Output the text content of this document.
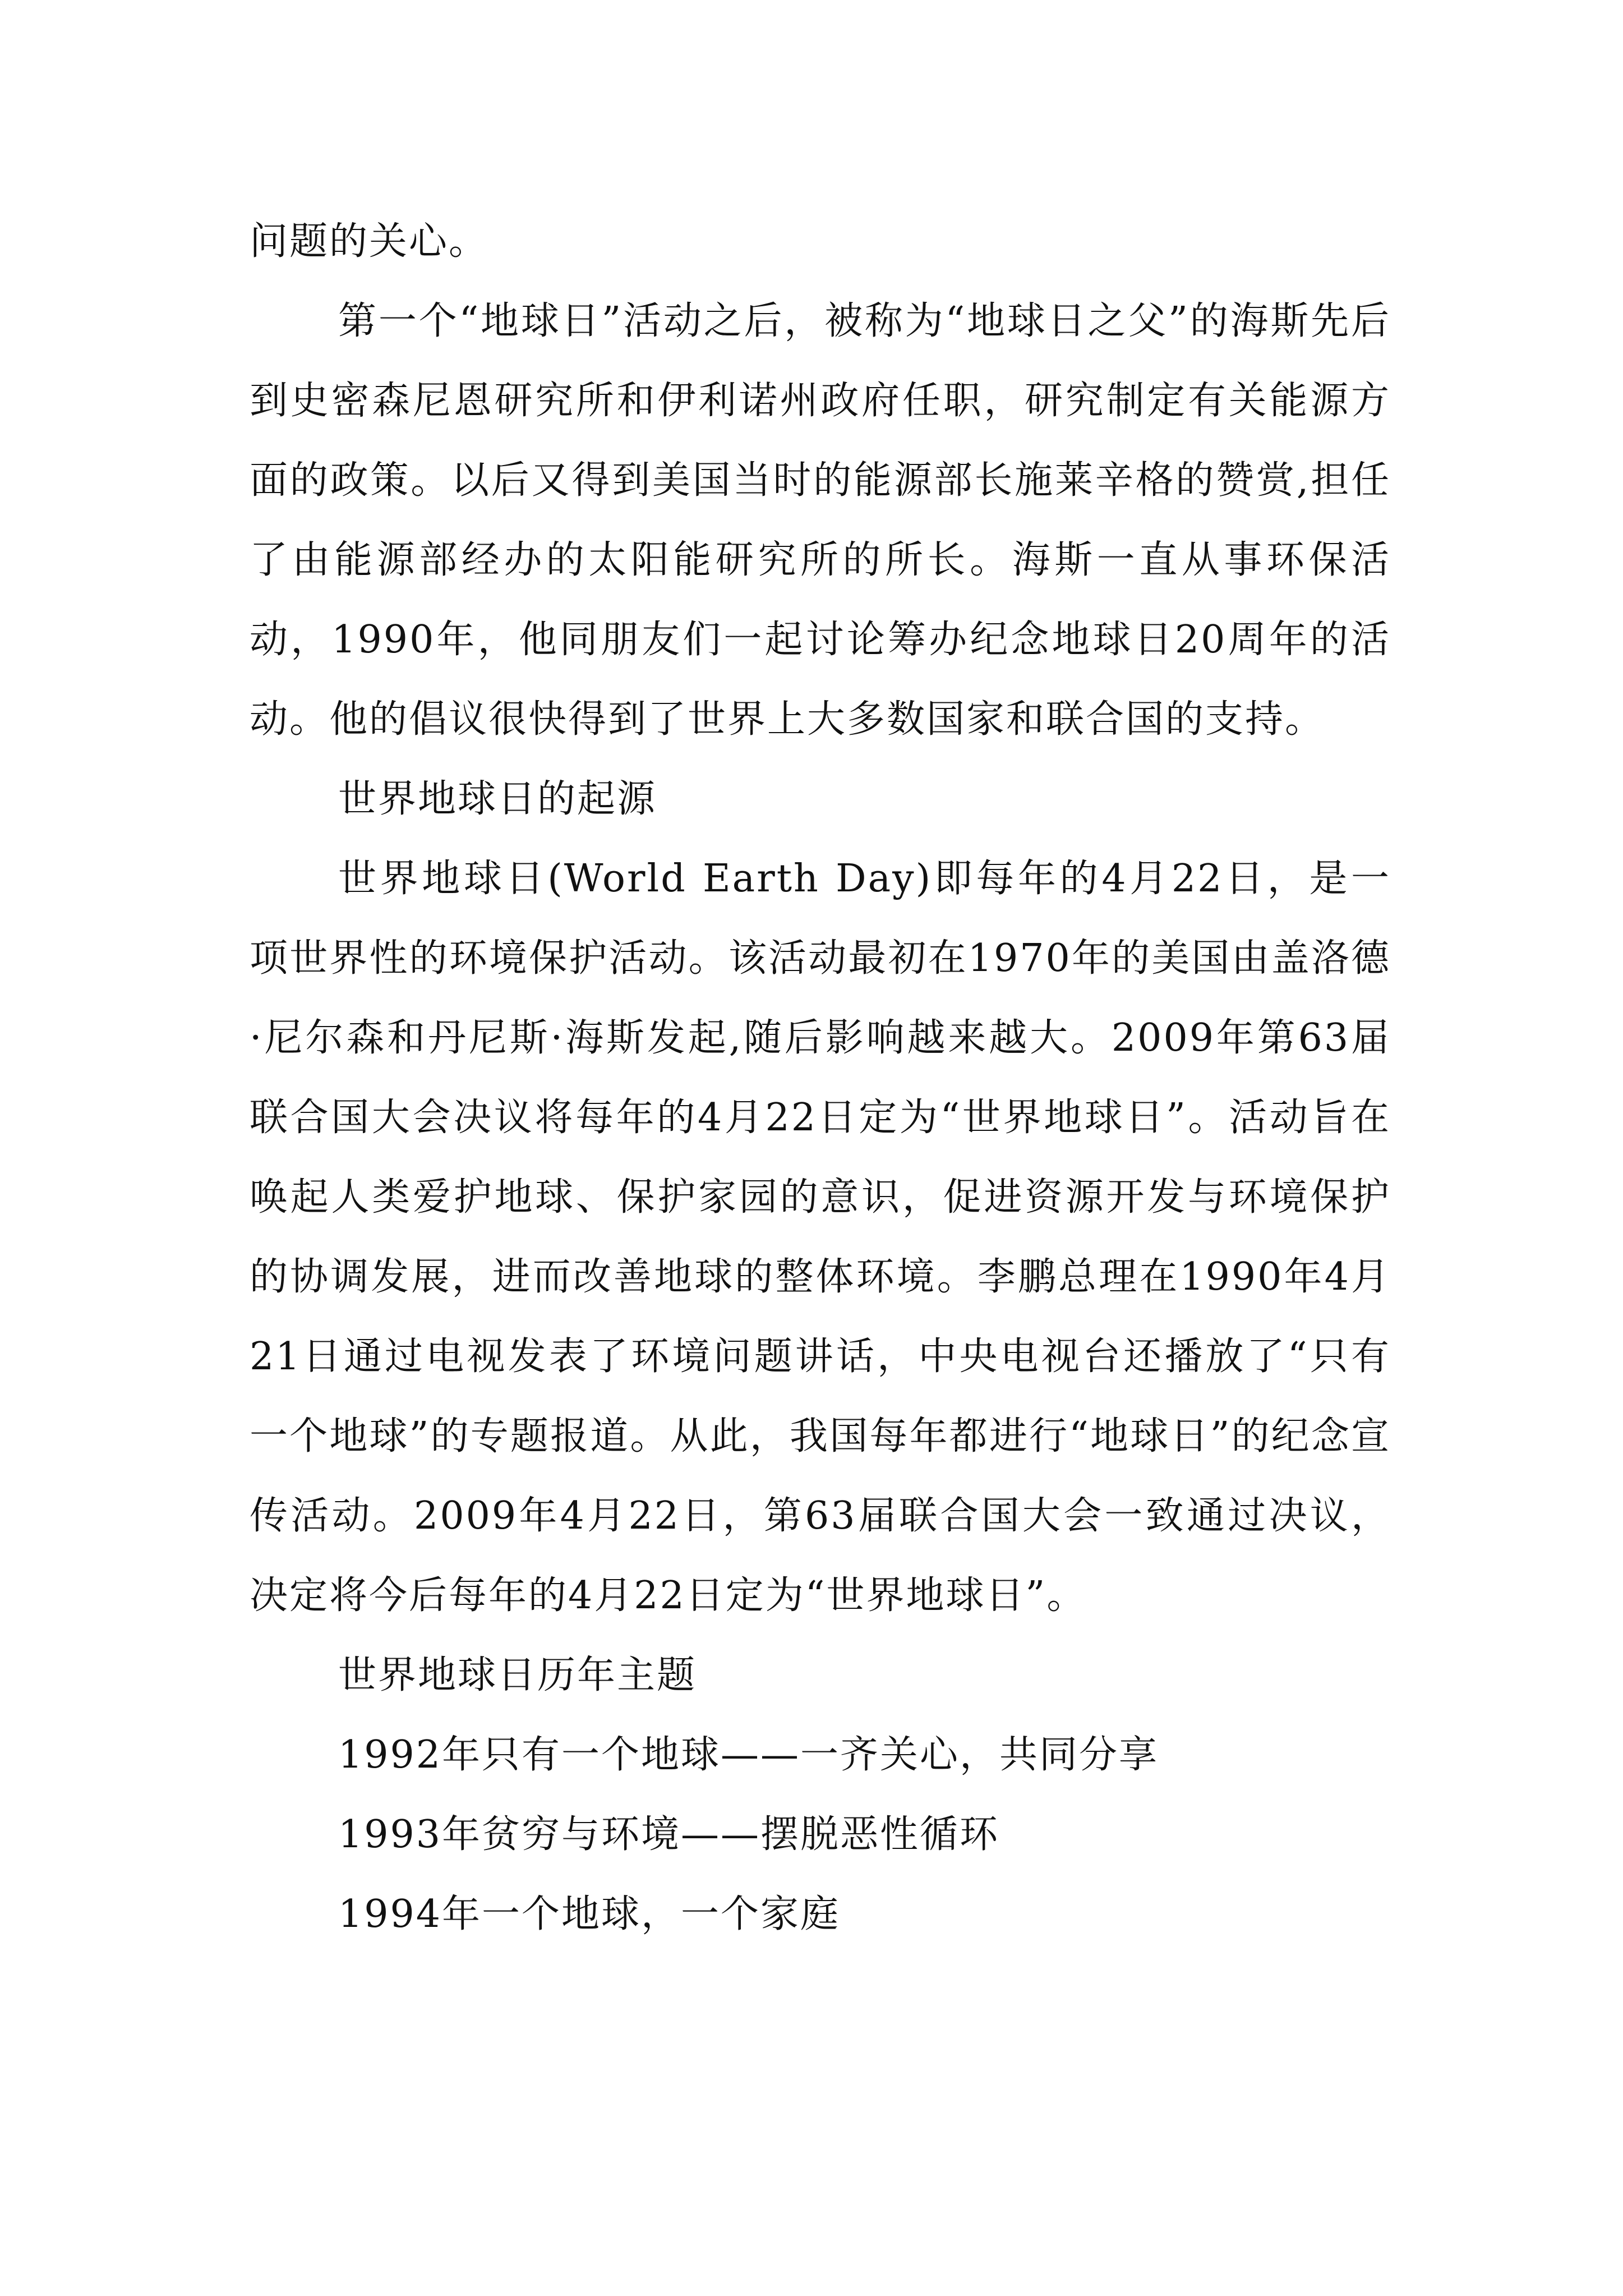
问题的关心。

第一个“地球日”活动之后，被称为“地球日之父”的海斯先后到史密森尼恩研究所和伊利诺州政府任职，研究制定有关能源方面的政策。以后又得到美国当时的能源部长施莱辛格的赞赏,担任了由能源部经办的太阳能研究所的所长。海斯一直从事环保活动，1990年，他同朋友们一起讨论筹办纪念地球日20周年的活动。他的倡议很快得到了世界上大多数国家和联合国的支持。

世界地球日的起源

世界地球日(World Earth Day)即每年的4月22日，是一项世界性的环境保护活动。该活动最初在1970年的美国由盖洛德·尼尔森和丹尼斯·海斯发起,随后影响越来越大。2009年第63届联合国大会决议将每年的4月22日定为“世界地球日”。活动旨在唤起人类爱护地球、保护家园的意识，促进资源开发与环境保护的协调发展，进而改善地球的整体环境。李鹏总理在1990年4月21日通过电视发表了环境问题讲话，中央电视台还播放了“只有一个地球”的专题报道。从此，我国每年都进行“地球日”的纪念宣传活动。2009年4月22日，第63届联合国大会一致通过决议，决定将今后每年的4月22日定为“世界地球日”。

世界地球日历年主题

1992年只有一个地球——一齐关心，共同分享

1993年贫穷与环境——摆脱恶性循环

1994年一个地球，一个家庭
